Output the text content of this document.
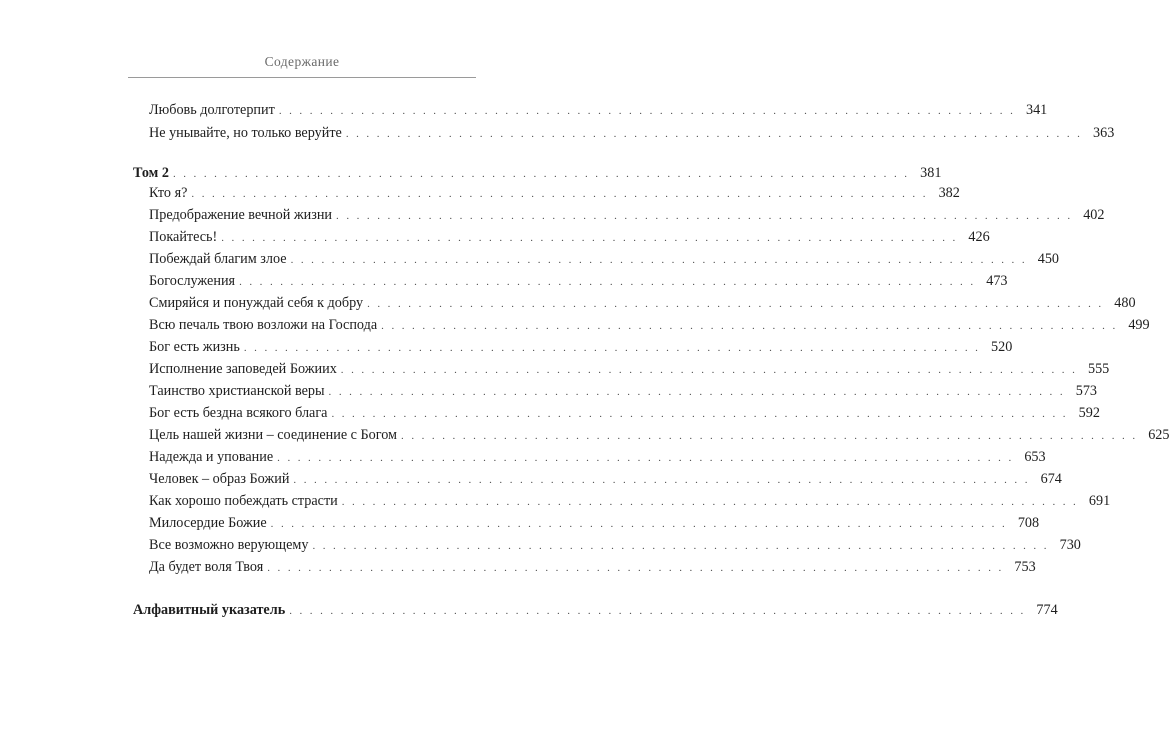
Содержание
Любовь долготерпит . . . . . . . . . . . . . . . . . . . . . . . . . . . . . . . . . . . . . . . . . . . . . . . . . . . . . . . . . . . . . . . . . . . . . . . . 341
Не унывайте, но только веруйте . . . . . . . . . . . . . . . . . . . . . . . . . . . . . . . . . . . . . . . . . . . . . . . . . . . . . . . . . . . . . . . . . . . . . . . . 363
Том 2 . . . . . . . . . . . . . . . . . . . . . . . . . . . . . . . . . . . . . . . . . . . . . . . . . . . . . . . . . . . . . . . . . . . . . . . . 381
Кто я? . . . . . . . . . . . . . . . . . . . . . . . . . . . . . . . . . . . . . . . . . . . . . . . . . . . . . . . . . . . . . . . . . . . . . . . . 382
Предображение вечной жизни . . . . . . . . . . . . . . . . . . . . . . . . . . . . . . . . . . . . . . . . . . . . . . . . . . . . . . . . . . . . . . . . . . . . . . . . 402
Покайтесь! . . . . . . . . . . . . . . . . . . . . . . . . . . . . . . . . . . . . . . . . . . . . . . . . . . . . . . . . . . . . . . . . . . . . . . . . 426
Побеждай благим злое . . . . . . . . . . . . . . . . . . . . . . . . . . . . . . . . . . . . . . . . . . . . . . . . . . . . . . . . . . . . . . . . . . . . . . . . 450
Богослужения . . . . . . . . . . . . . . . . . . . . . . . . . . . . . . . . . . . . . . . . . . . . . . . . . . . . . . . . . . . . . . . . . . . . . . . . 473
Смиряйся и понуждай себя к добру . . . . . . . . . . . . . . . . . . . . . . . . . . . . . . . . . . . . . . . . . . . . . . . . . . . . . . . . . . . . . . . . . . . . . . . . 480
Всю печаль твою возложи на Господа . . . . . . . . . . . . . . . . . . . . . . . . . . . . . . . . . . . . . . . . . . . . . . . . . . . . . . . . . . . . . . . . . . . . . . . . 499
Бог есть жизнь . . . . . . . . . . . . . . . . . . . . . . . . . . . . . . . . . . . . . . . . . . . . . . . . . . . . . . . . . . . . . . . . . . . . . . . . 520
Исполнение заповедей Божиих . . . . . . . . . . . . . . . . . . . . . . . . . . . . . . . . . . . . . . . . . . . . . . . . . . . . . . . . . . . . . . . . . . . . . . . . 555
Таинство христианской веры . . . . . . . . . . . . . . . . . . . . . . . . . . . . . . . . . . . . . . . . . . . . . . . . . . . . . . . . . . . . . . . . . . . . . . . . 573
Бог есть бездна всякого блага . . . . . . . . . . . . . . . . . . . . . . . . . . . . . . . . . . . . . . . . . . . . . . . . . . . . . . . . . . . . . . . . . . . . . . . . 592
Цель нашей жизни – соединение с Богом . . . . . . . . . . . . . . . . . . . . . . . . . . . . . . . . . . . . . . . . . . . . . . . . . . . . . . . . . . . . . . . . . . . . . . . . 625
Надежда и упование . . . . . . . . . . . . . . . . . . . . . . . . . . . . . . . . . . . . . . . . . . . . . . . . . . . . . . . . . . . . . . . . . . . . . . . . 653
Человек – образ Божий . . . . . . . . . . . . . . . . . . . . . . . . . . . . . . . . . . . . . . . . . . . . . . . . . . . . . . . . . . . . . . . . . . . . . . . . 674
Как хорошо побеждать страсти . . . . . . . . . . . . . . . . . . . . . . . . . . . . . . . . . . . . . . . . . . . . . . . . . . . . . . . . . . . . . . . . . . . . . . . . 691
Милосердие Божие . . . . . . . . . . . . . . . . . . . . . . . . . . . . . . . . . . . . . . . . . . . . . . . . . . . . . . . . . . . . . . . . . . . . . . . . 708
Все возможно верующему . . . . . . . . . . . . . . . . . . . . . . . . . . . . . . . . . . . . . . . . . . . . . . . . . . . . . . . . . . . . . . . . . . . . . . . . 730
Да будет воля Твоя . . . . . . . . . . . . . . . . . . . . . . . . . . . . . . . . . . . . . . . . . . . . . . . . . . . . . . . . . . . . . . . . . . . . . . . . 753
Алфавитный указатель . . . . . . . . . . . . . . . . . . . . . . . . . . . . . . . . . . . . . . . . . . . . . . . . . . . . . . . . . . . . . . . . . . . . . . . . 774
